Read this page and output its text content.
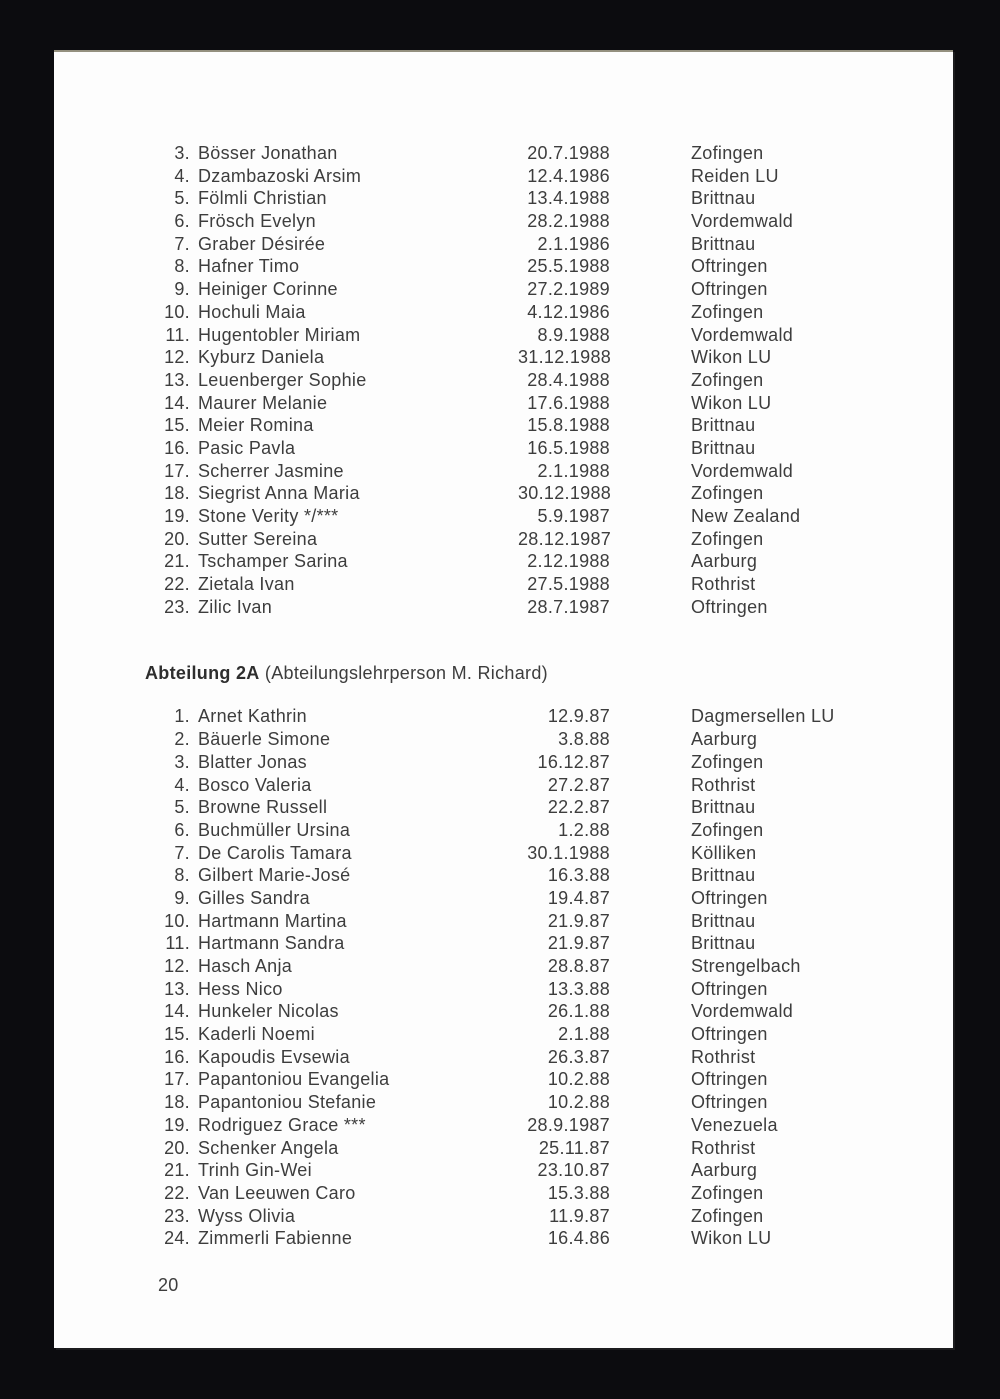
3. Bösser Jonathan	20.7.1988	Zofingen
4. Dzambazoski Arsim	12.4.1986	Reiden LU
5. Fölmli Christian	13.4.1988	Brittnau
6. Frösch Evelyn	28.2.1988	Vordemwald
7. Graber Désirée	2.1.1986	Brittnau
8. Hafner Timo	25.5.1988	Oftringen
9. Heiniger Corinne	27.2.1989	Oftringen
10. Hochuli Maia	4.12.1986	Zofingen
11. Hugentobler Miriam	8.9.1988	Vordemwald
12. Kyburz Daniela	31.12.1988	Wikon LU
13. Leuenberger Sophie	28.4.1988	Zofingen
14. Maurer Melanie	17.6.1988	Wikon LU
15. Meier Romina	15.8.1988	Brittnau
16. Pasic Pavla	16.5.1988	Brittnau
17. Scherrer Jasmine	2.1.1988	Vordemwald
18. Siegrist Anna Maria	30.12.1988	Zofingen
19. Stone Verity */***	5.9.1987	New Zealand
20. Sutter Sereina	28.12.1987	Zofingen
21. Tschamper Sarina	2.12.1988	Aarburg
22. Zietala Ivan	27.5.1988	Rothrist
23. Zilic Ivan	28.7.1987	Oftringen
Abteilung 2A (Abteilungslehrperson M. Richard)
1. Arnet Kathrin	12.9.87	Dagmersellen LU
2. Bäuerle Simone	3.8.88	Aarburg
3. Blatter Jonas	16.12.87	Zofingen
4. Bosco Valeria	27.2.87	Rothrist
5. Browne Russell	22.2.87	Brittnau
6. Buchmüller Ursina	1.2.88	Zofingen
7. De Carolis Tamara	30.1.1988	Kölliken
8. Gilbert Marie-José	16.3.88	Brittnau
9. Gilles Sandra	19.4.87	Oftringen
10. Hartmann Martina	21.9.87	Brittnau
11. Hartmann Sandra	21.9.87	Brittnau
12. Hasch Anja	28.8.87	Strengelbach
13. Hess Nico	13.3.88	Oftringen
14. Hunkeler Nicolas	26.1.88	Vordemwald
15. Kaderli Noemi	2.1.88	Oftringen
16. Kapoudis Evsewia	26.3.87	Rothrist
17. Papantoniou Evangelia	10.2.88	Oftringen
18. Papantoniou Stefanie	10.2.88	Oftringen
19. Rodriguez Grace ***	28.9.1987	Venezuela
20. Schenker Angela	25.11.87	Rothrist
21. Trinh Gin-Wei	23.10.87	Aarburg
22. Van Leeuwen Caro	15.3.88	Zofingen
23. Wyss Olivia	11.9.87	Zofingen
24. Zimmerli Fabienne	16.4.86	Wikon LU
20
